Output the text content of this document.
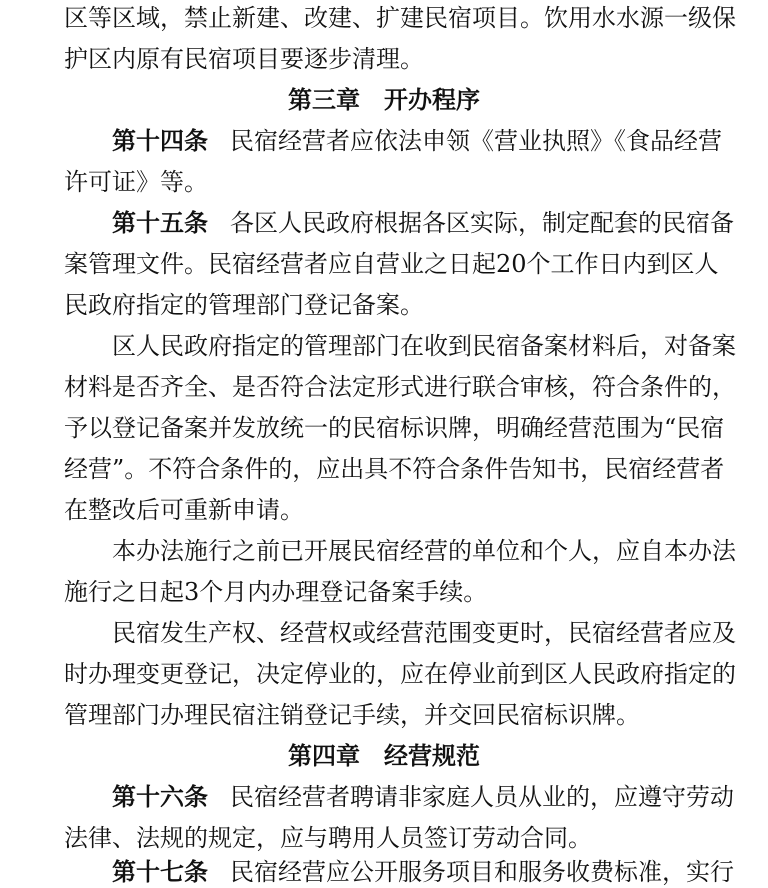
区等区域，禁止新建、改建、扩建民宿项目。饮用水水源一级保
护区内原有民宿项目要逐步清理。
第三章 开办程序
第十四条 民宿经营者应依法申领《营业执照》《食品经营
许可证》等。
第十五条 各区人民政府根据各区实际，制定配套的民宿备
案管理文件。民宿经营者应自营业之日起20个工作日内到区人
民政府指定的管理部门登记备案。
区人民政府指定的管理部门在收到民宿备案材料后，对备案
材料是否齐全、是否符合法定形式进行联合审核，符合条件的，
予以登记备案并发放统一的民宿标识牌，明确经营范围为“民宿
经营”。不符合条件的，应出具不符合条件告知书，民宿经营者
在整改后可重新申请。
本办法施行之前已开展民宿经营的单位和个人，应自本办法
施行之日起3个月内办理登记备案手续。
民宿发生产权、经营权或经营范围变更时，民宿经营者应及
时办理变更登记，决定停业的，应在停业前到区人民政府指定的
管理部门办理民宿注销登记手续，并交回民宿标识牌。
第四章 经营规范
第十六条 民宿经营者聘请非家庭人员从业的，应遵守劳动
法律、法规的规定，应与聘用人员签订劳动合同。
第十七条 民宿经营应公开服务项目和服务收费标准，实行
